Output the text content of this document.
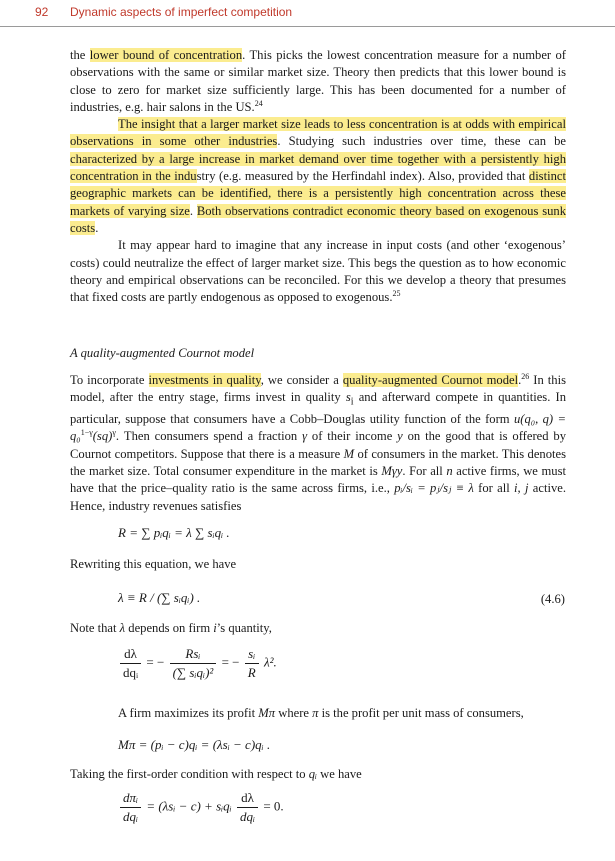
92 Dynamic aspects of imperfect competition

the lower bound of concentration. This picks the lowest concentration measure for a number of observations with the same or similar market size. Theory then predicts that this lower bound is close to zero for market size sufficiently large. This has been documented for a number of industries, e.g. hair salons in the US.$^{24}$

The insight that a larger market size leads to less concentration is at odds with empirical observations in some other industries. Studying such industries over time, these can be characterized by a large increase in market demand over time together with a persistently high concentration in the industry (e.g. measured by the Herfindahl index). Also, provided that distinct geographic markets can be identified, there is a persistently high concentration across these markets of varying size. Both observations contradict economic theory based on exogenous sunk costs.

It may appear hard to imagine that any increase in input costs (and other ‘exogenous’ costs) could neutralize the effect of larger market size. This begs the question as to how economic theory and empirical observations can be reconciled. For this we develop a theory that presumes that fixed costs are partly endogenous as opposed to exogenous.$^{25}$

A quality-augmented Cournot model

To incorporate investments in quality, we consider a quality-augmented Cournot model.$^{26}$ In this model, after the entry stage, firms invest in quality $s_i$ and afterward compete in quantities. In particular, suppose that consumers have a Cobb–Douglas utility function of the form u(q₀, q) = q₀$^{1-\gamma}$(sq)$^\gamma$. Then consumers spend a fraction γ of their income y on the good that is offered by Cournot competitors. Suppose that there is a measure M of consumers in the market. This denotes the market size. Total consumer expenditure in the market is Mγy. For all n active firms, we must have that the price–quality ratio is the same across firms, i.e., pᵢ/sᵢ = pⱼ/sⱼ ≡ λ for all i, j active. Hence, industry revenues satisfies

R = ∑ pᵢqᵢ = λ ∑ sᵢqᵢ .
Rewriting this equation, we have
λ ≡ R / (∑ sᵢqᵢ) .	(4.6)
Note that λ depends on firm i’s quantity,
$\frac{d\lambda}{\text{dqᵢ}}$ = − $\frac{\text{Rsᵢ}}{\text{(∑ sᵢqᵢ)²}}$ = − $\frac{\text{sᵢ}}{R} \lambda^2$.
A firm maximizes its profit Mπ where π is the profit per unit mass of consumers,
Mπ = (pᵢ − c)qᵢ = (λsᵢ − c)qᵢ .
Taking the first-order condition with respect to qᵢ we have
$\frac{\text{dπᵢ}}{\text{dqᵢ}}$ = (λsᵢ − c) + sᵢqᵢ $\frac{d\lambda}{\text{dqᵢ}} = 0$.
